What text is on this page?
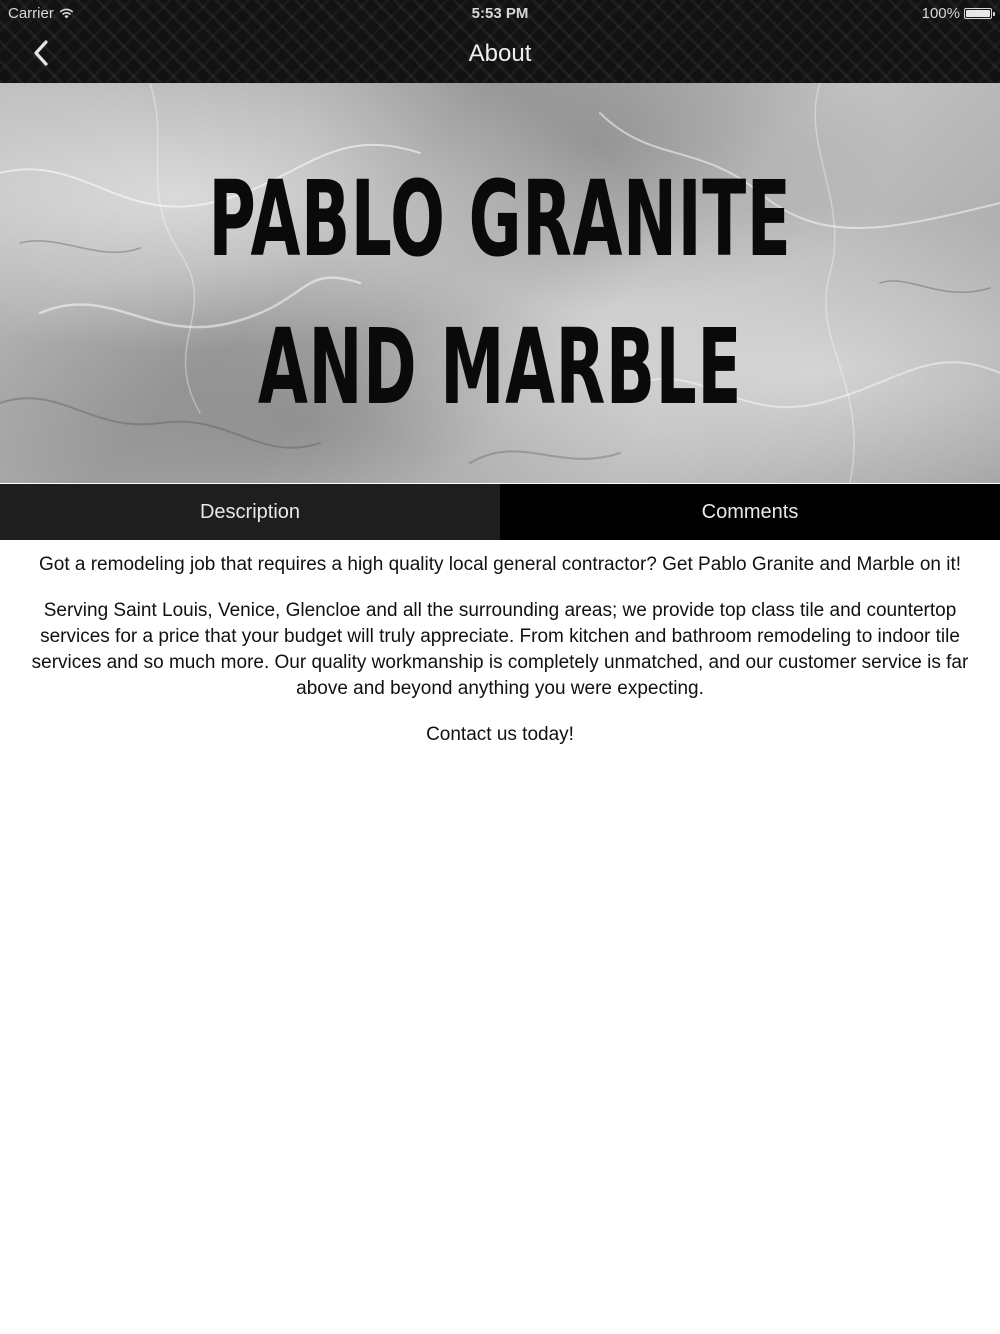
Carrier	5:53 PM	100%
About
PABLO GRANITE
AND MARBLE
Description	Comments

Got a remodeling job that requires a high quality local general contractor? Get Pablo Granite and Marble on it!

Serving Saint Louis, Venice, Glencloe and all the surrounding areas; we provide top class tile and countertop services for a price that your budget will truly appreciate. From kitchen and bathroom remodeling to indoor tile services and so much more. Our quality workmanship is completely unmatched, and our customer service is far above and beyond anything you were expecting.

Contact us today!
